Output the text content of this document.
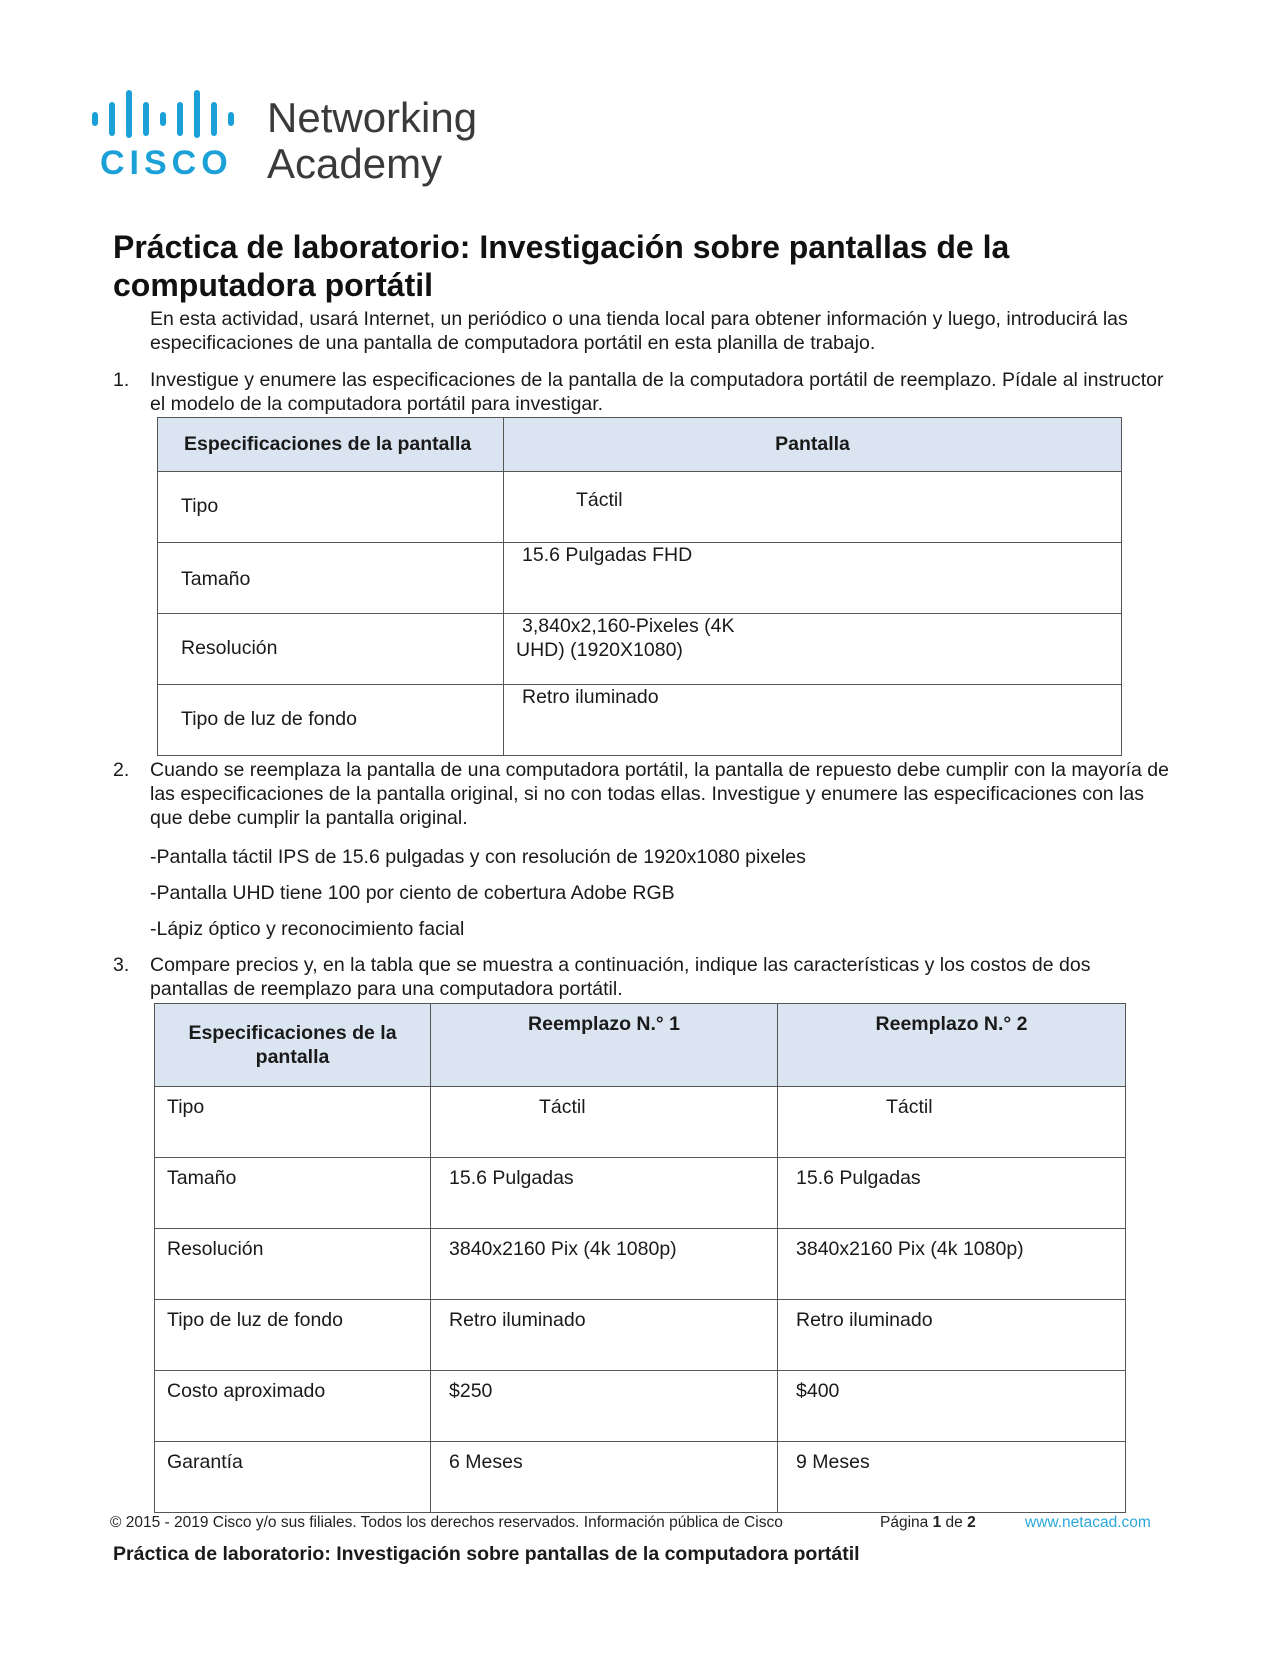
CISCO
Networking
Academy
Práctica de laboratorio: Investigación sobre pantallas de la computadora portátil
En esta actividad, usará Internet, un periódico o una tienda local para obtener información y luego, introducirá las especificaciones de una pantalla de computadora portátil en esta planilla de trabajo.
1.	Investigue y enumere las especificaciones de la pantalla de la computadora portátil de reemplazo. Pídale al instructor el modelo de la computadora portátil para investigar.
Especificaciones de la pantalla	Pantalla
Tipo	Táctil
Tamaño	15.6 Pulgadas FHD
Resolución	3,840x2,160-Pixeles (4K
UHD) (1920X1080)

Tipo de luz de fondo	Retro iluminado
2.	Cuando se reemplaza la pantalla de una computadora portátil, la pantalla de repuesto debe cumplir con la mayoría de las especificaciones de la pantalla original, si no con todas ellas. Investigue y enumere las especificaciones con las que debe cumplir la pantalla original.
-Pantalla táctil IPS de 15.6 pulgadas y con resolución de 1920x1080 pixeles
-Pantalla UHD tiene 100 por ciento de cobertura Adobe RGB
-Lápiz óptico y reconocimiento facial
3.	Compare precios y, en la tabla que se muestra a continuación, indique las características y los costos de dos pantallas de reemplazo para una computadora portátil.
Especificaciones de la pantalla	Reemplazo N.° 1	Reemplazo N.° 2
Tipo	Táctil	Táctil
Tamaño	15.6 Pulgadas	15.6 Pulgadas
Resolución	3840x2160 Pix (4k 1080p)	3840x2160 Pix (4k 1080p)
Tipo de luz de fondo	Retro iluminado	Retro iluminado
Costo aproximado	$250	$400
Garantía	6 Meses	9 Meses
© 2015 - 2019 Cisco y/o sus filiales. Todos los derechos reservados. Información pública de Cisco	Página 1 de 2	www.netacad.com
Práctica de laboratorio: Investigación sobre pantallas de la computadora portátil
